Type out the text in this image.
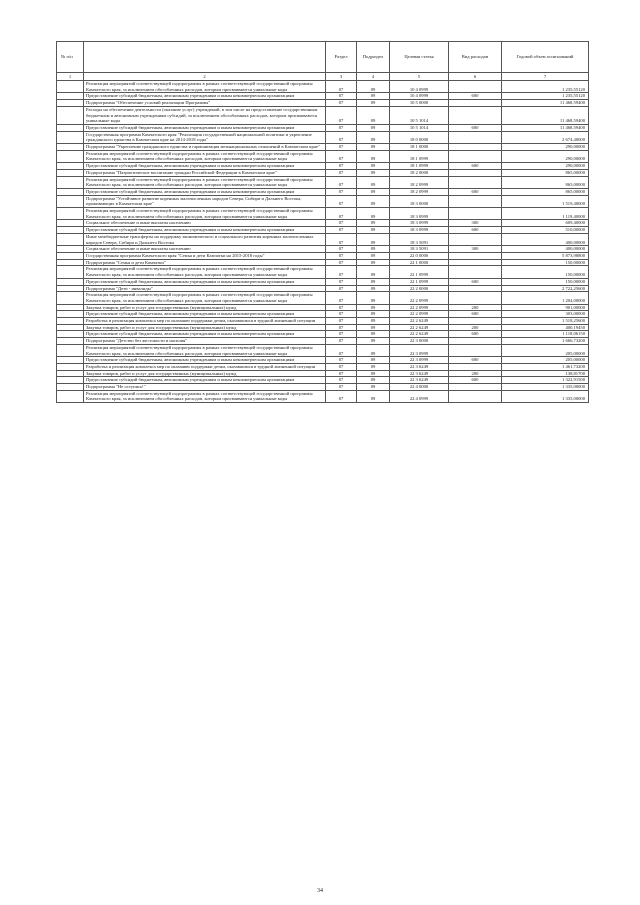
№ п/п		Раздел	Подраздел	Целевая статья	Вид расходов	Годовой объем ассигнований
1	2	3	4	5	6	7
	Реализация мероприятий соответствующей подпрограммы в рамках соответствующей государственной программы Камчатского края, за исключением обособленных расходов, которым присваиваются уникальные коды	07	09	10 4 0999		1 235,55120
	Предоставление субсидий бюджетным, автономным учреждениям и иным некоммерческим организациям	07	09	10 4 0999	600	1 235,55120
	Подпрограмма "Обеспечение условий реализации Программы"	07	09	10 5 0000		11 468,59400
	Расходы на обеспечение деятельности (оказание услуг) учреждений, в том числе на предоставление государственным бюджетным и автономным учреждениям субсидий, за исключением обособленных расходов, которым присваиваются уникальные коды	07	09	10 5 1014		11 468,59400
	Предоставление субсидий бюджетным, автономным учреждениям и иным некоммерческим организациям	07	09	10 5 1014	600	11 468,59400
	Государственная программа Камчатского края "Реализация государственной национальной политики и укрепление гражданского единства в Камчатском крае на 2014-2018 годы"	07	09	18 0 0000		2 674,40000
	Подпрограмма "Укрепление гражданского единства и гармонизация межнациональных отношений в Камчатском крае"	07	09	18 1 0000		290,00000
	Реализация мероприятий соответствующей подпрограммы в рамках соответствующей государственной программы Камчатского края, за исключением обособленных расходов, которым присваиваются уникальные коды	07	09	18 1 0999		290,00000
	Предоставление субсидий бюджетным, автономным учреждениям и иным некоммерческим организациям	07	09	18 1 0999	600	290,00000
	Подпрограмма "Патриотическое воспитание граждан Российской Федерации в Камчатском крае"	07	09	18 2 0000		865,00000
	Реализация мероприятий соответствующей подпрограммы в рамках соответствующей государственной программы Камчатского края, за исключением обособленных расходов, которым присваиваются уникальные коды	07	09	18 2 0999		865,00000
	Предоставление субсидий бюджетным, автономным учреждениям и иным некоммерческим организациям	07	09	18 2 0999	600	865,00000
	Подпрограмма "Устойчивое развитие коренных малочисленных народов Севера, Сибири и Дальнего Востока, проживающих в Камчатском крае"	07	09	18 3 0000		1 519,40000
	Реализация мероприятий соответствующей подпрограммы в рамках соответствующей государственной программы Камчатского края, за исключением обособленных расходов, которым присваиваются уникальные коды	07	09	18 3 0999		1 119,40000
	Социальное обеспечение и иные выплаты населению	07	09	18 3 0999	300	609,40000
	Предоставление субсидий бюджетным, автономным учреждениям и иным некоммерческим организациям	07	09	18 3 0999	600	510,00000
	Иные межбюджетные трансферты на поддержку экономического и социального развития коренных малочисленных народов Севера, Сибири и Дальнего Востока	07	09	18 3 5091		400,00000
	Социальное обеспечение и иные выплаты населению	07	09	18 3 5091	300	400,00000
	Государственная программа Камчатского края "Семья и дети Камчатки на 2015-2018 годы"	07	09	22 0 0000		5 873,98800
	Подпрограмма "Семья и дети Камчатки"	07	09	22 1 0000		150,00000
	Реализация мероприятий соответствующей подпрограммы в рамках соответствующей государственной программы Камчатского края, за исключением обособленных расходов, которым присваиваются уникальные коды	07	09	22 1 0999		150,00000
	Предоставление субсидий бюджетным, автономным учреждениям и иным некоммерческим организациям	07	09	22 1 0999	600	150,00000
	Подпрограмма "Дети - инвалиды"	07	09	22 2 0000		2 722,25600
	Реализация мероприятий соответствующей подпрограммы в рамках соответствующей государственной программы Камчатского края, за исключением обособленных расходов, которым присваиваются уникальные коды	07	09	22 2 0999		1 204,00000
	Закупка товаров, работ и услуг для государственных (муниципальных) нужд	07	09	22 2 0999	200	901,00000
	Предоставление субсидий бюджетным, автономным учреждениям и иным некоммерческим организациям	07	09	22 2 0999	600	303,00000
	Разработка и реализация комплекса мер по оказанию поддержки детям, оказавшимся в трудной жизненной ситуации	07	09	22 2 6249		1 518,25600
	Закупка товаров, работ и услуг для государственных (муниципальных) нужд	07	09	22 2 6249	200	400,19450
	Предоставление субсидий бюджетным, автономным учреждениям и иным некоммерческим организациям	07	09	22 2 6249	600	1 118,06150
	Подпрограмма "Детство без жестокости и насилия"	07	09	22 3 0000		1 666,73200
	Реализация мероприятий соответствующей подпрограммы в рамках соответствующей государственной программы Камчатского края, за исключением обособленных расходов, которым присваиваются уникальные коды	07	09	22 3 0999		205,00000
	Предоставление субсидий бюджетным, автономным учреждениям и иным некоммерческим организациям	07	09	22 3 0999	600	205,00000
	Разработка и реализация комплекса мер по оказанию поддержки детям, оказавшимся в трудной жизненной ситуации	07	09	22 3 6249		1 461,73200
	Закупка товаров, работ и услуг для государственных (муниципальных) нужд	07	09	22 3 6249	200	138,81700
	Предоставление субсидий бюджетным, автономным учреждениям и иным некоммерческим организациям	07	09	22 3 6249	600	1 322,91500
	Подпрограмма "Не оступись!"	07	09	22 4 0000		1 335,00000
	Реализация мероприятий соответствующей подпрограммы в рамках соответствующей государственной программы Камчатского края, за исключением обособленных расходов, которым присваиваются уникальные коды	07	09	22 4 0999		1 335,00000
34
